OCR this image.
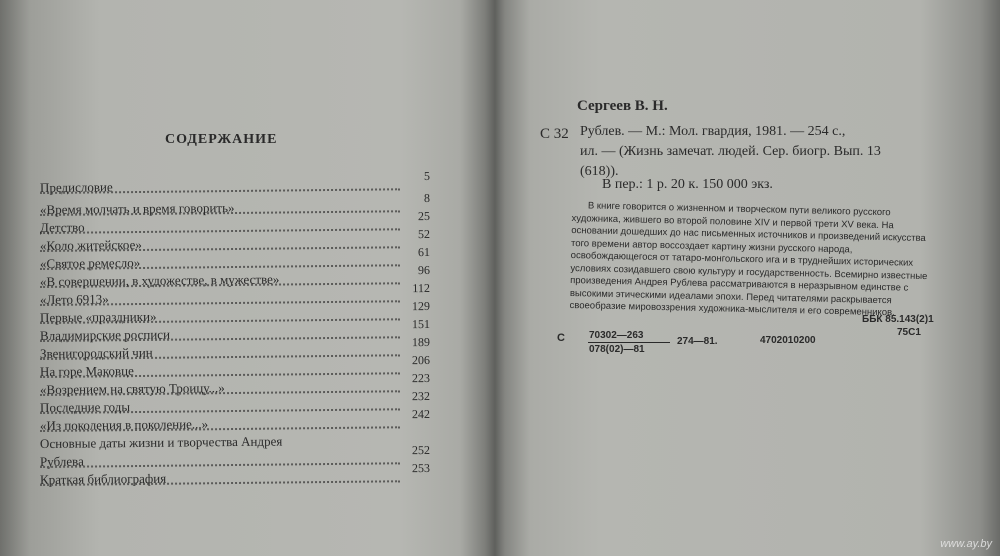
СОДЕРЖАНИЕ
Предисловие
5
«Время молчать и время говорить»
8
Детство
25
«Коло житейское»
52
«Святое ремесло»
61
«В совершении, в художестве, в мужестве»
96
«Лето 6913»
112
Первые «праздники»
129
Владимирские росписи
151
Звенигородский чин
189
На горе Маковце
206
«Возрением на святую Троицу...»
223
Последние годы
232
«Из поколения в поколение...»
242
Основные даты жизни и творчества Андрея
Рублева
252
Краткая библиография
253
Сергеев В. Н.
С 32 Рублев. — М.: Мол. гвардия, 1981. — 254 с.,
ил. — (Жизнь замечат. людей. Сер. биогр. Вып. 13
(618)).
В пер.: 1 р. 20 к. 150 000 экз.
В книге говорится о жизненном и творческом пути великого русского художника, жившего во второй половине XIV и первой трети XV века. На основании дошедших до нас письменных источников и произведений искусства того времени автор воссоздает картину жизни русского народа, освобождающегося от татаро-монгольского ига и в труднейших исторических условиях созидавшего свою культуру и государственность. Всемирно известные произведения Андрея Рублева рассматриваются в неразрывном единстве с высокими этическими идеалами эпохи. Перед читателями раскрывается своеобразие мировоззрения художника-мыслителя и его современников.
ББК 85.143(2)1
75С1
С 70302—263
078(02)—81
274—81.	4702010200
www.ay.by
